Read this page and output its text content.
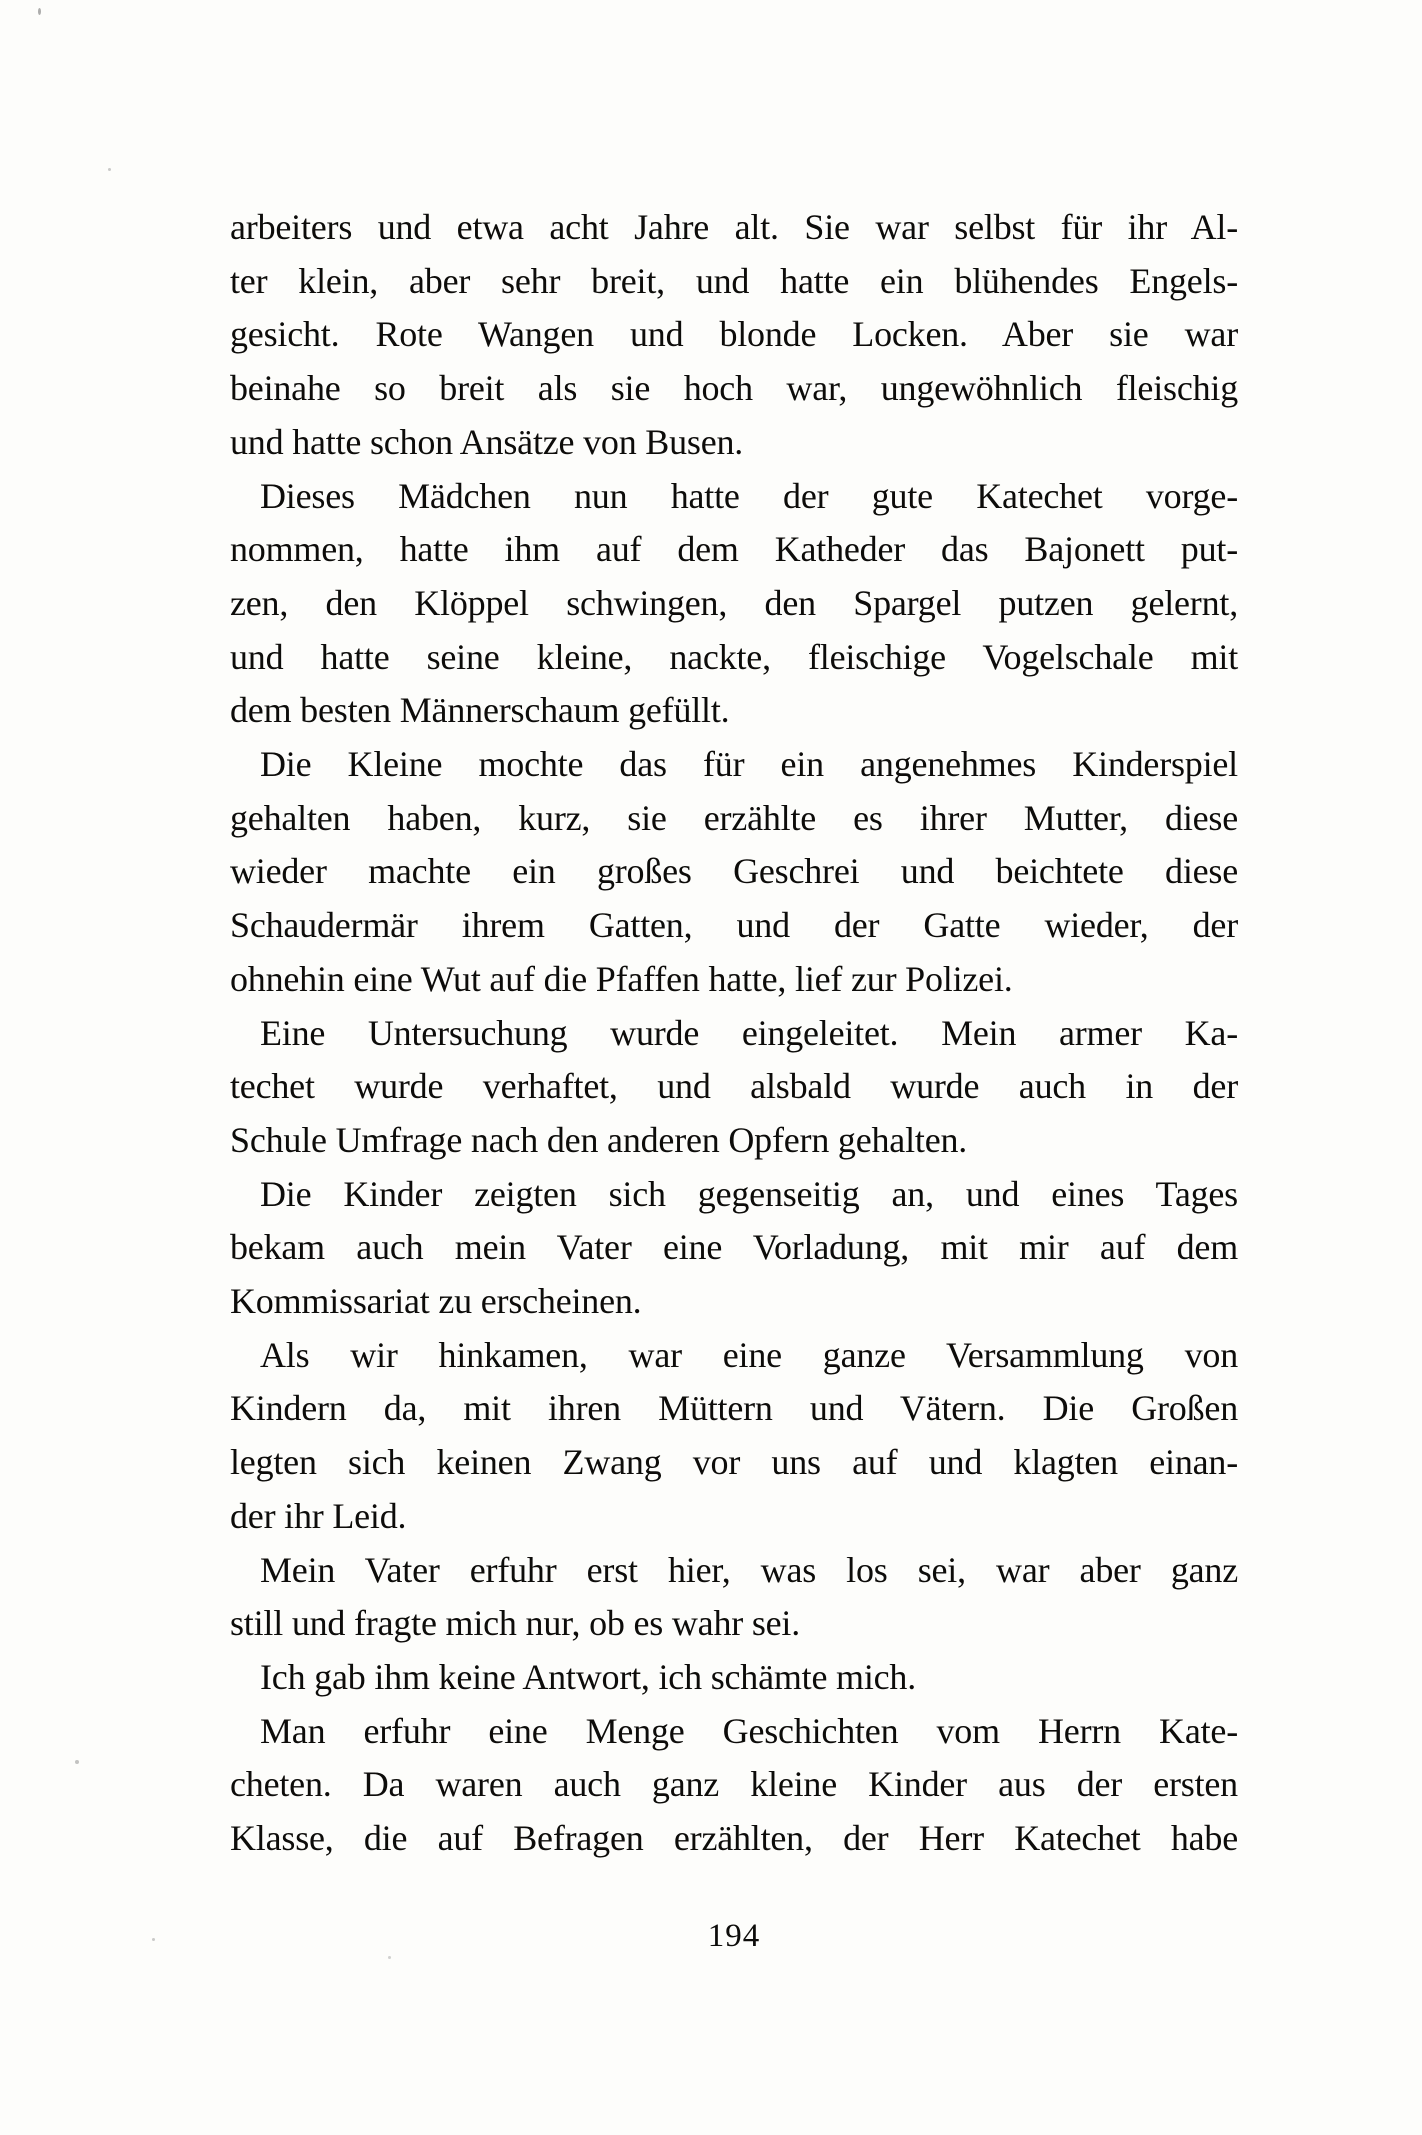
arbeiters und etwa acht Jahre alt. Sie war selbst für ihr Al-
ter klein, aber sehr breit, und hatte ein blühendes Engels-
gesicht. Rote Wangen und blonde Locken. Aber sie war
beinahe so breit als sie hoch war, ungewöhnlich fleischig
und hatte schon Ansätze von Busen.
Dieses Mädchen nun hatte der gute Katechet vorge-
nommen, hatte ihm auf dem Katheder das Bajonett put-
zen, den Klöppel schwingen, den Spargel putzen gelernt,
und hatte seine kleine, nackte, fleischige Vogelschale mit
dem besten Männerschaum gefüllt.
Die Kleine mochte das für ein angenehmes Kinderspiel
gehalten haben, kurz, sie erzählte es ihrer Mutter, diese
wieder machte ein großes Geschrei und beichtete diese
Schaudermär ihrem Gatten, und der Gatte wieder, der
ohnehin eine Wut auf die Pfaffen hatte, lief zur Polizei.
Eine Untersuchung wurde eingeleitet. Mein armer Ka-
techet wurde verhaftet, und alsbald wurde auch in der
Schule Umfrage nach den anderen Opfern gehalten.
Die Kinder zeigten sich gegenseitig an, und eines Tages
bekam auch mein Vater eine Vorladung, mit mir auf dem
Kommissariat zu erscheinen.
Als wir hinkamen, war eine ganze Versammlung von
Kindern da, mit ihren Müttern und Vätern. Die Großen
legten sich keinen Zwang vor uns auf und klagten einan-
der ihr Leid.
Mein Vater erfuhr erst hier, was los sei, war aber ganz
still und fragte mich nur, ob es wahr sei.
Ich gab ihm keine Antwort, ich schämte mich.
Man erfuhr eine Menge Geschichten vom Herrn Kate-
cheten. Da waren auch ganz kleine Kinder aus der ersten
Klasse, die auf Befragen erzählten, der Herr Katechet habe
194
